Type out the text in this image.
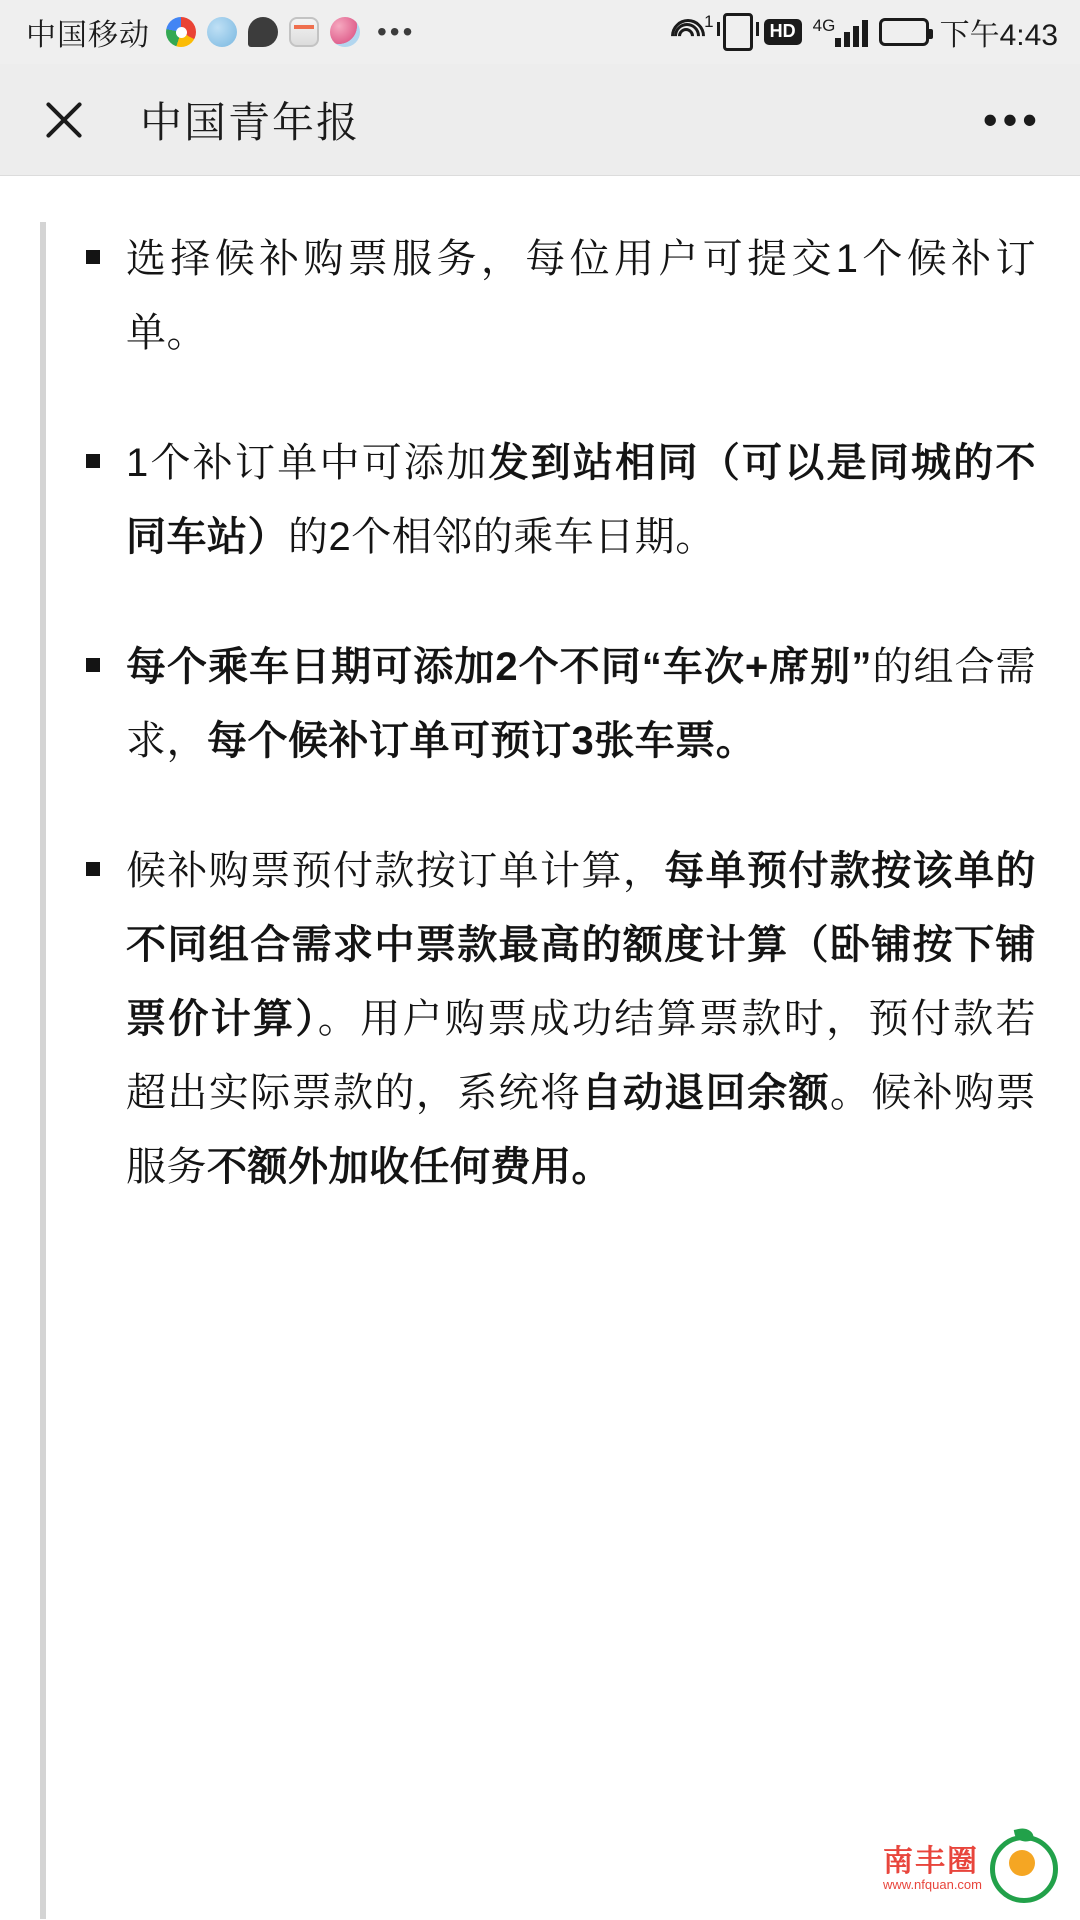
中国移动	•••	1	HD	4G	下午4:43
中国青年报	•••
选择候补购票服务，每位用户可提交1个候补订单。
1个补订单中可添加发到站相同（可以是同城的不同车站）的2个相邻的乘车日期。
每个乘车日期可添加2个不同“车次+席别”的组合需求，每个候补订单可预订3张车票。
候补购票预付款按订单计算，每单预付款按该单的不同组合需求中票款最高的额度计算（卧铺按下铺票价计算）。用户购票成功结算票款时，预付款若超出实际票款的，系统将自动退回余额。候补购票服务不额外加收任何费用。
南丰圈
www.nfquan.com
